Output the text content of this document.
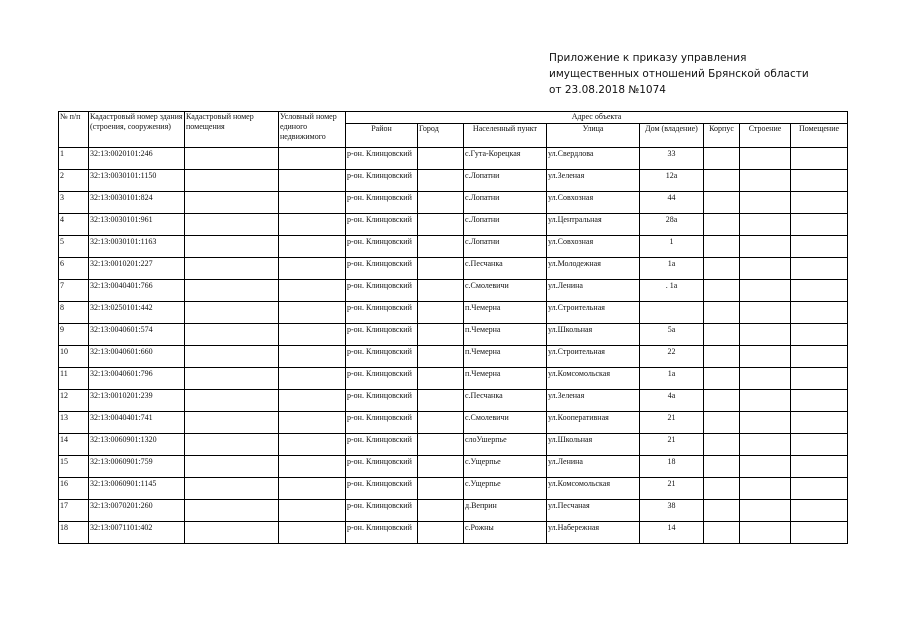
Приложение к приказу управления
имущественных отношений Брянской области
от 23.08.2018 №1074
№ п/п	Кадастровый номер здания (строения, сооружения)	Кадастровый номер помещения	Условный номер единого недвижимого	Адрес объекта							
				Район	Город	Населенный пункт	Улица	Дом (владение)	Корпус	Строение	Помещение
1	32:13:0020101:246			р-он. Клинцовский		с.Гута-Корецкая	ул.Свердлова	33			
2	32:13:0030101:1150			р-он. Клинцовский		с.Лопатни	ул.Зеленая	12а			
3	32:13:0030101:824			р-он. Клинцовский		с.Лопатни	ул.Совхозная	44			
4	32:13:0030101:961			р-он. Клинцовский		с.Лопатни	ул.Центральная	28а			
5	32:13:0030101:1163			р-он. Клинцовский		с.Лопатни	ул.Совхозная	1			
6	32:13:0010201:227			р-он. Клинцовский		с.Песчанка	ул.Молодежная	1а			
7	32:13:0040401:766			р-он. Клинцовский		с.Смолевичи	ул.Ленина	. 1а			
8	32:13:0250101:442			р-он. Клинцовский		п.Чемерна	ул.Строительная				
9	32:13:0040601:574			р-он. Клинцовский		п.Чемерна	ул.Школьная	5а			
10	32:13:0040601:660			р-он. Клинцовский		п.Чемерна	ул.Строительная	22			
11	32:13:0040601:796			р-он. Клинцовский		п.Чемерна	ул.Комсомольская	1а			
12	32:13:0010201:239			р-он. Клинцовский		с.Песчанка	ул.Зеленая	4а			
13	32:13:0040401:741			р-он. Клинцовский		с.Смолевичи	ул.Кооперативная	21			
14	32:13:0060901:1320			р-он. Клинцовский		слоУшерпье	ул.Школьная	21			
15	32:13:0060901:759			р-он. Клинцовский		с.Ущерпье	ул.Ленина	18			
16	32:13:0060901:1145			р-он. Клинцовский		с.Ущерпье	ул.Комсомольская	21			
17	32:13:0070201:260			р-он. Клинцовский		д.Веприн	ул.Песчаная	38			
18	32:13:0071101:402			р-он. Клинцовский		с.Рожны	ул.Набережная	14			
